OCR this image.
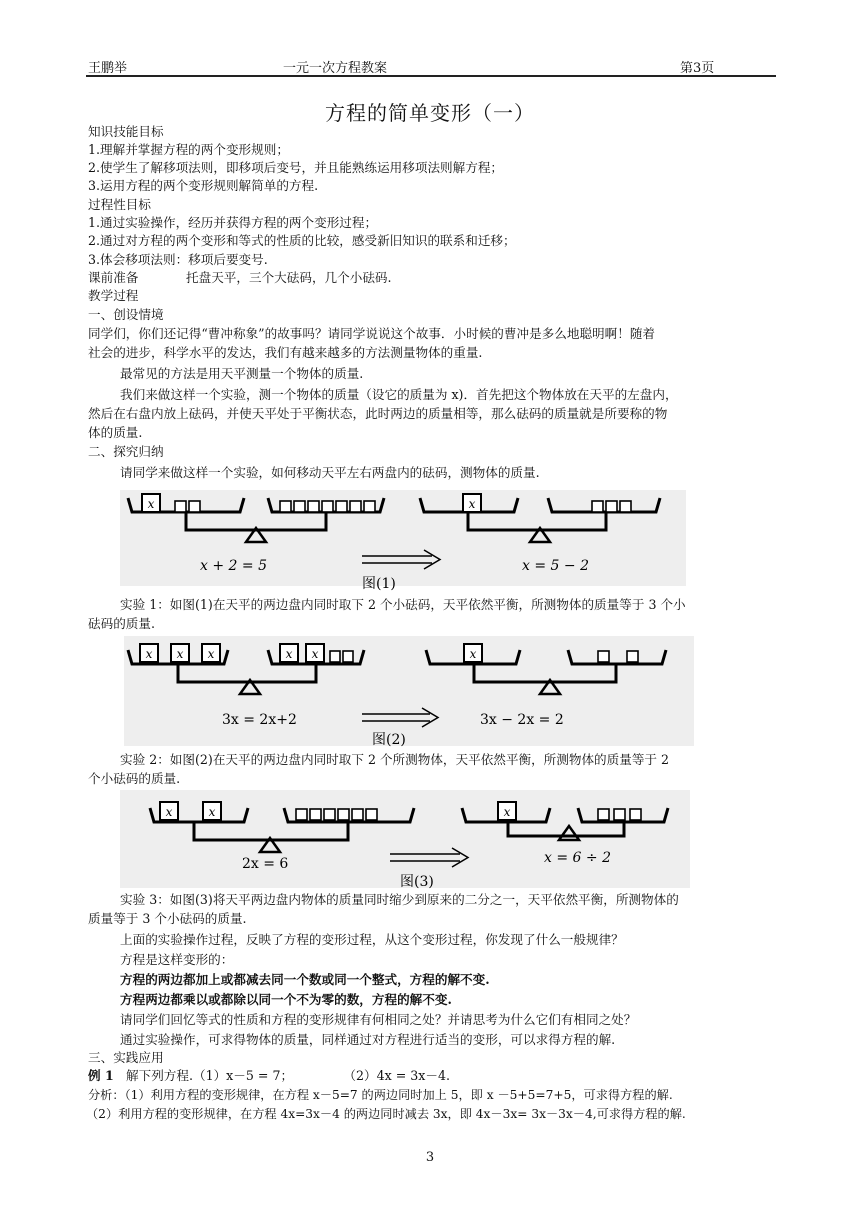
王鹏举	一元一次方程教案	第3页
方程的简单变形（一）
知识技能目标
1.理解并掌握方程的两个变形规则；
2.使学生了解移项法则，即移项后变号，并且能熟练运用移项法则解方程；
3.运用方程的两个变形规则解简单的方程.
过程性目标
1.通过实验操作，经历并获得方程的两个变形过程；
2.通过对方程的两个变形和等式的性质的比较，感受新旧知识的联系和迁移；
3.体会移项法则：移项后要变号.
课前准备	托盘天平，三个大砝码，几个小砝码.
教学过程
一、创设情境
同学们，你们还记得“曹冲称象”的故事吗？请同学说说这个故事．小时候的曹冲是多么地聪明啊！随着
社会的进步，科学水平的发达，我们有越来越多的方法测量物体的重量.
最常见的方法是用天平测量一个物体的质量.
我们来做这样一个实验，测一个物体的质量（设它的质量为 x)．首先把这个物体放在天平的左盘内，
然后在右盘内放上砝码，并使天平处于平衡状态，此时两边的质量相等，那么砝码的质量就是所要称的物
体的质量.
二、探究归纳
请同学来做这样一个实验，如何移动天平左右两盘内的砝码，测物体的质量.
x
x + 2 = 5
x
x = 5 − 2
图(1)
实验 1：如图(1)在天平的两边盘内同时取下 2 个小砝码，天平依然平衡，所测物体的质量等于 3 个小
砝码的质量.
x x x	x x
3x = 2x+2
x
3x − 2x = 2
图(2)
实验 2：如图(2)在天平的两边盘内同时取下 2 个所测物体，天平依然平衡，所测物体的质量等于 2
个小砝码的质量.
x	x
2x = 6
x
x = 6 ÷ 2
图(3)
实验 3：如图(3)将天平两边盘内物体的质量同时缩少到原来的二分之一，天平依然平衡，所测物体的
质量等于 3 个小砝码的质量.
上面的实验操作过程，反映了方程的变形过程，从这个变形过程，你发现了什么一般规律？
方程是这样变形的：
方程的两边都加上或都减去同一个数或同一个整式，方程的解不变.
方程两边都乘以或都除以同一个不为零的数，方程的解不变.
请同学们回忆等式的性质和方程的变形规律有何相同之处？并请思考为什么它们有相同之处？
通过实验操作，可求得物体的质量，同样通过对方程进行适当的变形，可以求得方程的解.
三、实践应用
例 1 解下列方程.（1）x－5 = 7；　　　　　（2）4x = 3x－4.
分析：（1）利用方程的变形规律，在方程 x－5=7 的两边同时加上 5，即 x －5+5=7+5，可求得方程的解.
（2）利用方程的变形规律，在方程 4x=3x－4 的两边同时减去 3x，即 4x－3x= 3x－3x－4,可求得方程的解.
3
